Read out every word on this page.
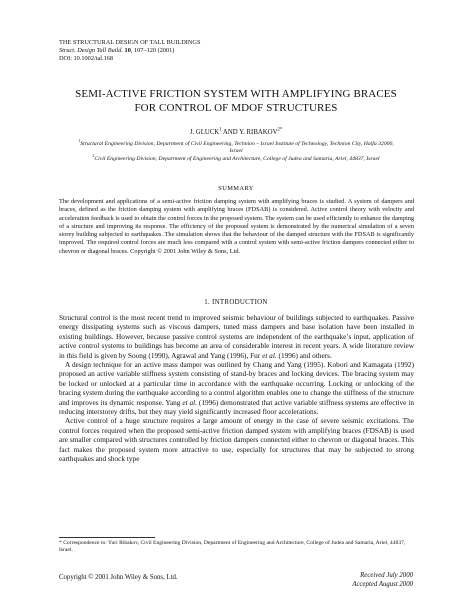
THE STRUCTURAL DESIGN OF TALL BUILDINGS
Struct. Design Tall Build. 10, 107–120 (2001)
DOI: 10.1002/tal.168
SEMI-ACTIVE FRICTION SYSTEM WITH AMPLIFYING BRACES
FOR CONTROL OF MDOF STRUCTURES
J. GLUCK$^1$ AND Y. $RIBAKOV^{2*}$

$^1$Structural Engineering Division, Department of Civil Engineering, Technion – Israel Institute of Technology, Technion City, Haifa 32000, Israel

$^2$Civil Engineering Division, Department of Engineering and Architecture, College of Judea and Samaria, Ariel, 44837, Israel

SUMMARY
The development and applications of a semi-active friction damping system with amplifying braces is studied. A system of dampers and braces, defined as the friction damping system with amplifying braces (FDSAB) is considered. Active control theory with velocity and acceleration feedback is used to obtain the control forces in the proposed system. The system can be used efficiently to enhance the damping of a structure and improving its response. The efficiency of the proposed system is demonstrated by the numerical simulation of a seven storey building subjected to earthquakes. The simulation shows that the behaviour of the damped structure with the FDSAB is significantly improved. The required control forces are much less compared with a control system with semi-active friction dampers connected either to chevron or diagonal braces. Copyright © 2001 John Wiley & Sons, Ltd.
1. INTRODUCTION

Structural control is the most recent trend to improved seismic behaviour of buildings subjected to earthquakes. Passive energy dissipating systems such as viscous dampers, tuned mass dampers and base isolation have been installed in existing buildings. However, because passive control systems are independent of the earthquake’s input, application of active control systems to buildings has become an area of considerable interest in recent years. A wide literature review in this field is given by Soong (1990), Agrawal and Yang (1996), Fur et al. (1996) and others.

A design technique for an active mass damper was outlined by Chang and Yang (1995). Kobori and Kamagata (1992) proposed an active variable stiffness system consisting of stand-by braces and locking devices. The bracing system may be locked or unlocked at a particular time in accordance with the earthquake occurring. Locking or unlocking of the bracing system during the earthquake according to a control algorithm enables one to change the stiffness of the structure and improves its dynamic response. Yang et al. (1996) demonstrated that active variable stiffness systems are effective in reducing interstorey drifts, but they may yield significantly increased floor accelerations.

Active control of a huge structure requires a large amount of energy in the case of severe seismic excitations. The control forces required when the proposed semi-active friction damped system with amplifying braces (FDSAB) is used are smaller compared with structures controlled by friction dampers connected either to chevron or diagonal braces. This fact makes the proposed system more attractive to use, especially for structures that may be subjected to strong earthquakes and shock type

* Correspondence to: Yuri Ribakov, Civil Engineering Division, Department of Engineering and Architecture, College of Judea and Samaria, Ariel, 44837, Israel.
Copyright © 2001 John Wiley & Sons, Ltd.	Received July 2000
Accepted August 2000
